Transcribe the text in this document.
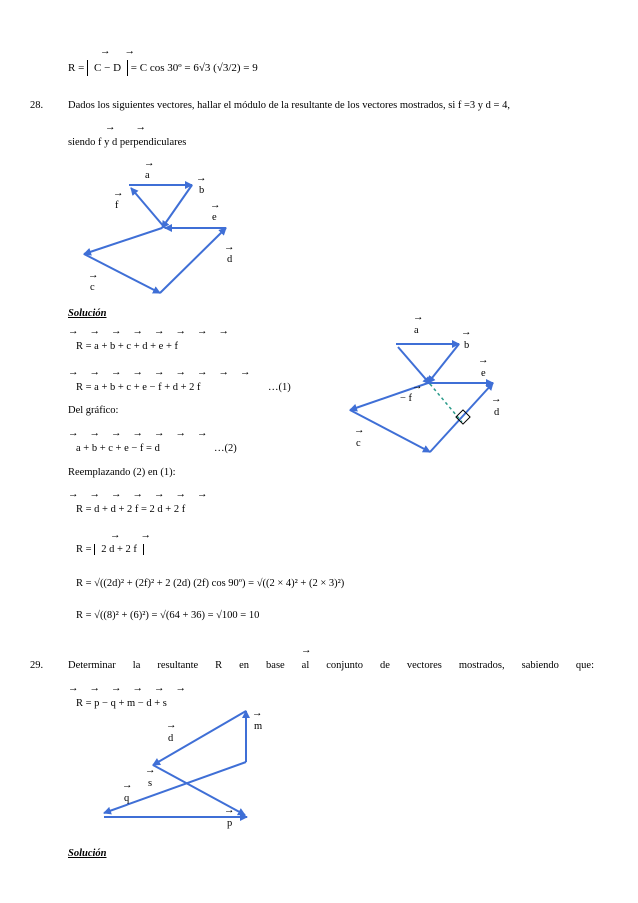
→ →
R = C − D = C cos 30º = 6√3 (√3/2) = 9
28. Dados los siguientes vectores, hallar el módulo de la resultante de los vectores mostrados, si f =3 y d = 4,
→ →
siendo f y d perpendiculares
→
a	→
b
→
f	→
e
→
d
→
c
Solución
→→→→→→→→
R = a + b + c + d + e + f
→→→→→→→→→
R = a + b + c + e − f + d + 2 f	…(1)
Del gráfico:
→→→→→→→
a + b + c + e − f = d	…(2)
Reemplazando (2) en (1):
→→→→→→→
R = d + d + 2 f = 2 d + 2 f
→→
R = 2 d + 2 f
R = √((2d)² + (2f)² + 2 (2d) (2f) cos 90º) = √((2 × 4)² + (2 × 3)²)
R = √((8)² + (6)²) = √(64 + 36) = √100 = 10
→
a	→
b
→
e
→
− f	→
d
→
c
→
29. Determinar la resultante R en base al conjunto de vectores mostrados, sabiendo que:
→→→→→→
R = p − q + m − d + s
→
m
→
d
→
s
→
q
→
p
Solución
